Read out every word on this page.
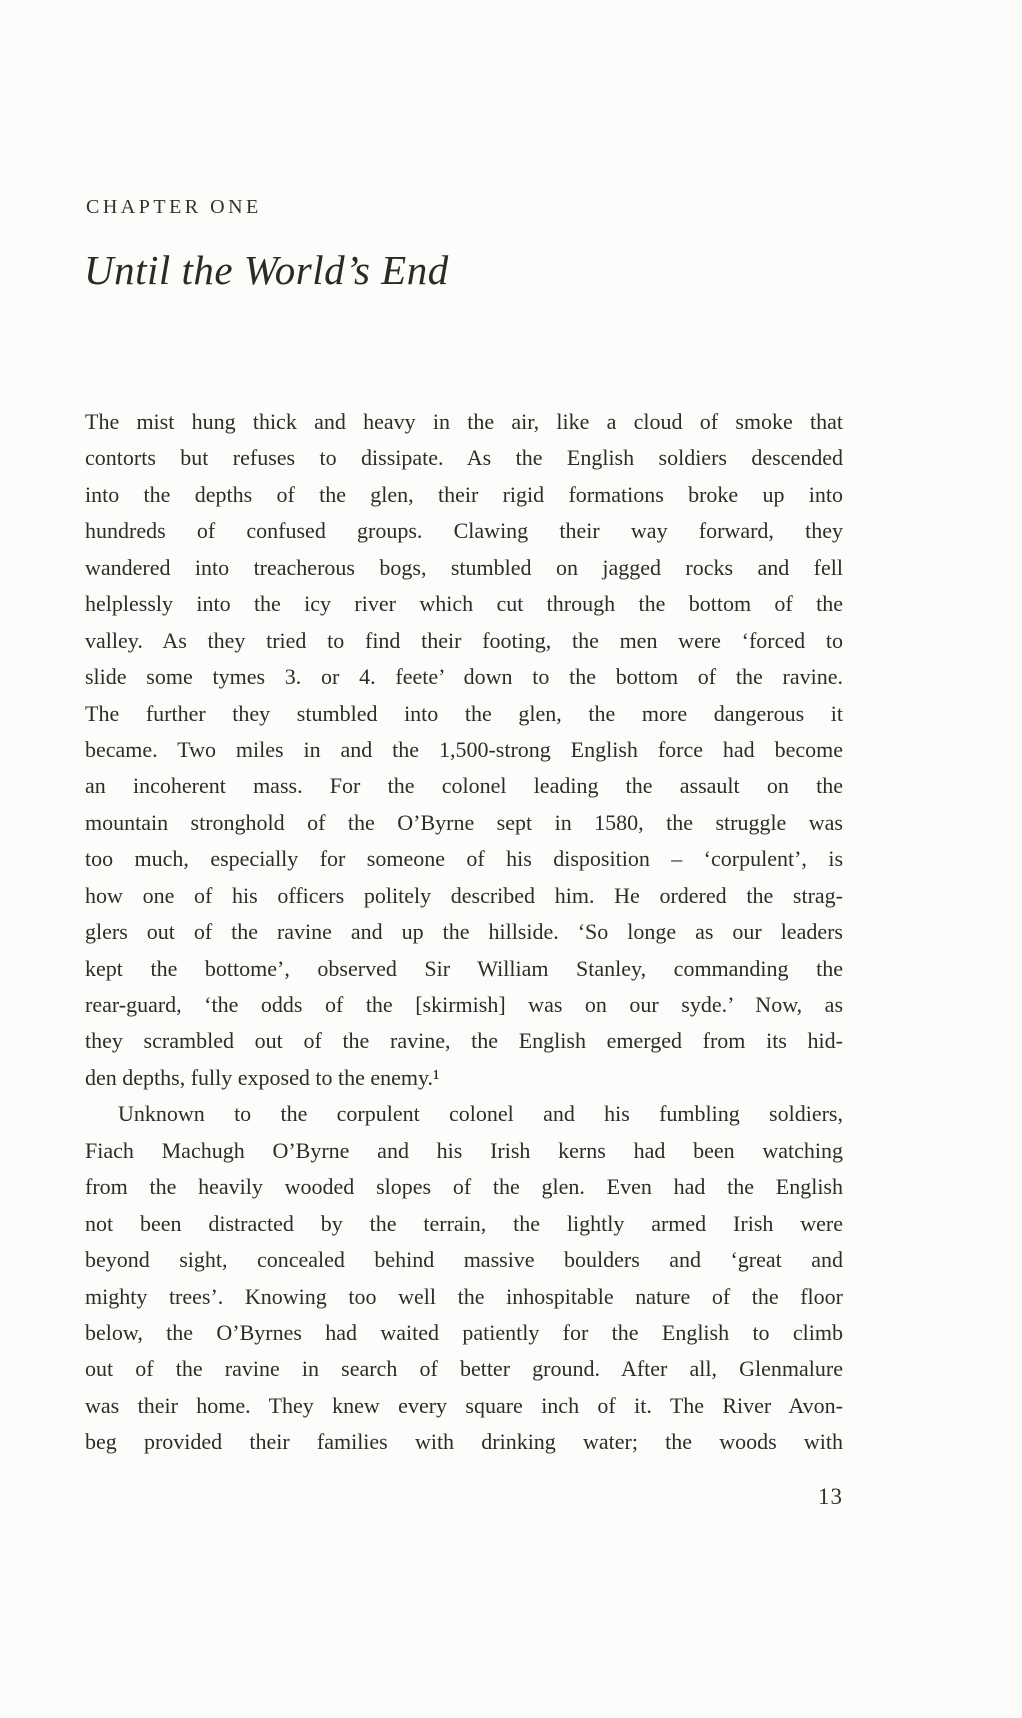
CHAPTER ONE
Until the World’s End
The mist hung thick and heavy in the air, like a cloud of smoke that
contorts but refuses to dissipate. As the English soldiers descended
into the depths of the glen, their rigid formations broke up into
hundreds of confused groups. Clawing their way forward, they
wandered into treacherous bogs, stumbled on jagged rocks and fell
helplessly into the icy river which cut through the bottom of the
valley. As they tried to find their footing, the men were ‘forced to
slide some tymes 3. or 4. feete’ down to the bottom of the ravine.
The further they stumbled into the glen, the more dangerous it
became. Two miles in and the 1,500-strong English force had become
an incoherent mass. For the colonel leading the assault on the
mountain stronghold of the O’Byrne sept in 1580, the struggle was
too much, especially for someone of his disposition – ‘corpulent’, is
how one of his officers politely described him. He ordered the strag-
glers out of the ravine and up the hillside. ‘So longe as our leaders
kept the bottome’, observed Sir William Stanley, commanding the
rear-guard, ‘the odds of the [skirmish] was on our syde.’ Now, as
they scrambled out of the ravine, the English emerged from its hid-
den depths, fully exposed to the enemy.¹
Unknown to the corpulent colonel and his fumbling soldiers,
Fiach Machugh O’Byrne and his Irish kerns had been watching
from the heavily wooded slopes of the glen. Even had the English
not been distracted by the terrain, the lightly armed Irish were
beyond sight, concealed behind massive boulders and ‘great and
mighty trees’. Knowing too well the inhospitable nature of the floor
below, the O’Byrnes had waited patiently for the English to climb
out of the ravine in search of better ground. After all, Glenmalure
was their home. They knew every square inch of it. The River Avon-
beg provided their families with drinking water; the woods with
13
